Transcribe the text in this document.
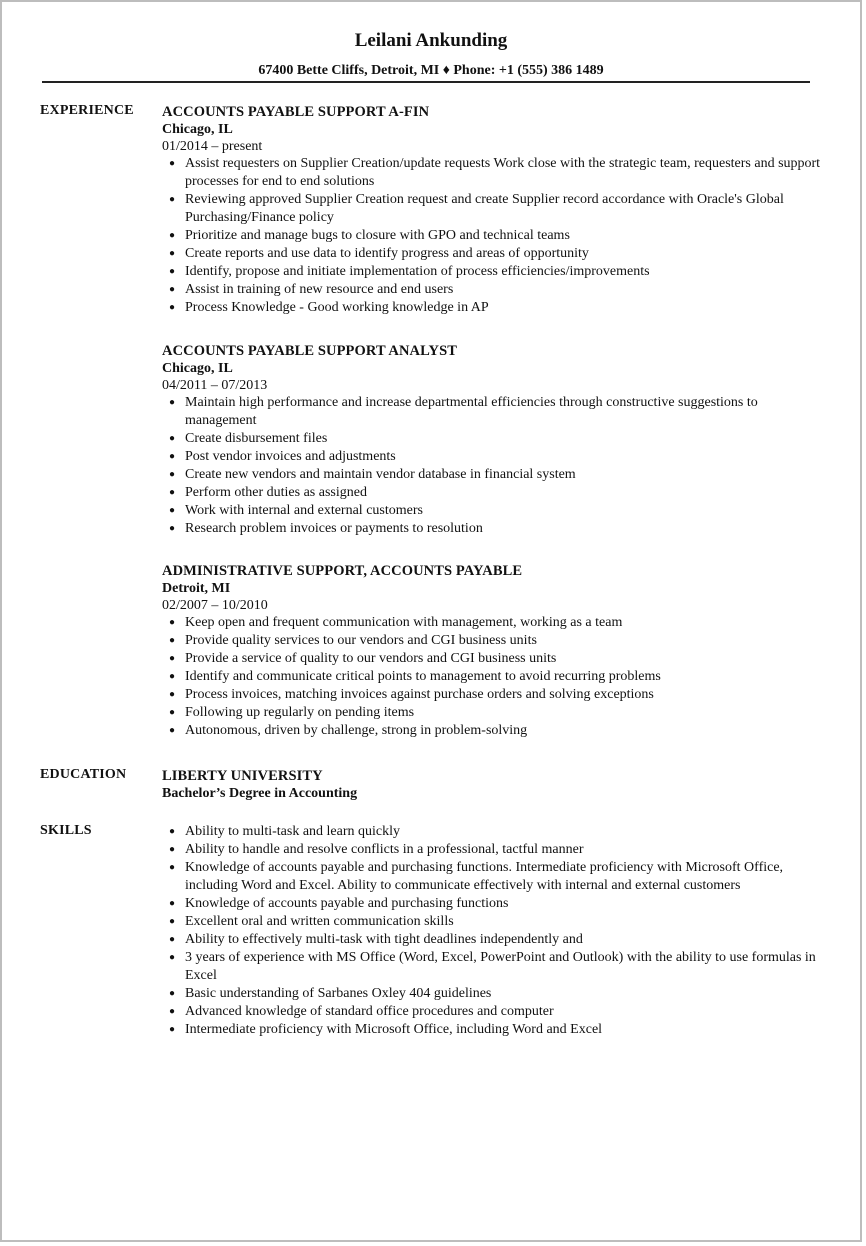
Leilani Ankunding
67400 Bette Cliffs, Detroit, MI ♦ Phone: +1 (555) 386 1489
EXPERIENCE ACCOUNTS PAYABLE SUPPORT A-FIN
Chicago, IL
01/2014 – present
● Assist requesters on Supplier Creation/update requests Work close with the strategic team, requesters and support processes for end to end solutions
● Reviewing approved Supplier Creation request and create Supplier record accordance with Oracle's Global Purchasing/Finance policy
● Prioritize and manage bugs to closure with GPO and technical teams
● Create reports and use data to identify progress and areas of opportunity
● Identify, propose and initiate implementation of process efficiencies/improvements
● Assist in training of new resource and end users
● Process Knowledge - Good working knowledge in AP
ACCOUNTS PAYABLE SUPPORT ANALYST
Chicago, IL
04/2011 – 07/2013
● Maintain high performance and increase departmental efficiencies through constructive suggestions to management
● Create disbursement files
● Post vendor invoices and adjustments
● Create new vendors and maintain vendor database in financial system
● Perform other duties as assigned
● Work with internal and external customers
● Research problem invoices or payments to resolution
ADMINISTRATIVE SUPPORT, ACCOUNTS PAYABLE
Detroit, MI
02/2007 – 10/2010
● Keep open and frequent communication with management, working as a team
● Provide quality services to our vendors and CGI business units
● Provide a service of quality to our vendors and CGI business units
● Identify and communicate critical points to management to avoid recurring problems
● Process invoices, matching invoices against purchase orders and solving exceptions
● Following up regularly on pending items
● Autonomous, driven by challenge, strong in problem-solving
EDUCATION LIBERTY UNIVERSITY
Bachelor’s Degree in Accounting
SKILLS	● Ability to multi-task and learn quickly
● Ability to handle and resolve conflicts in a professional, tactful manner
● Knowledge of accounts payable and purchasing functions. Intermediate proficiency with Microsoft Office, including Word and Excel. Ability to communicate effectively with internal and external customers
● Knowledge of accounts payable and purchasing functions
● Excellent oral and written communication skills
● Ability to effectively multi-task with tight deadlines independently and
● 3 years of experience with MS Office (Word, Excel, PowerPoint and Outlook) with the ability to use formulas in Excel
● Basic understanding of Sarbanes Oxley 404 guidelines
● Advanced knowledge of standard office procedures and computer
● Intermediate proficiency with Microsoft Office, including Word and Excel
